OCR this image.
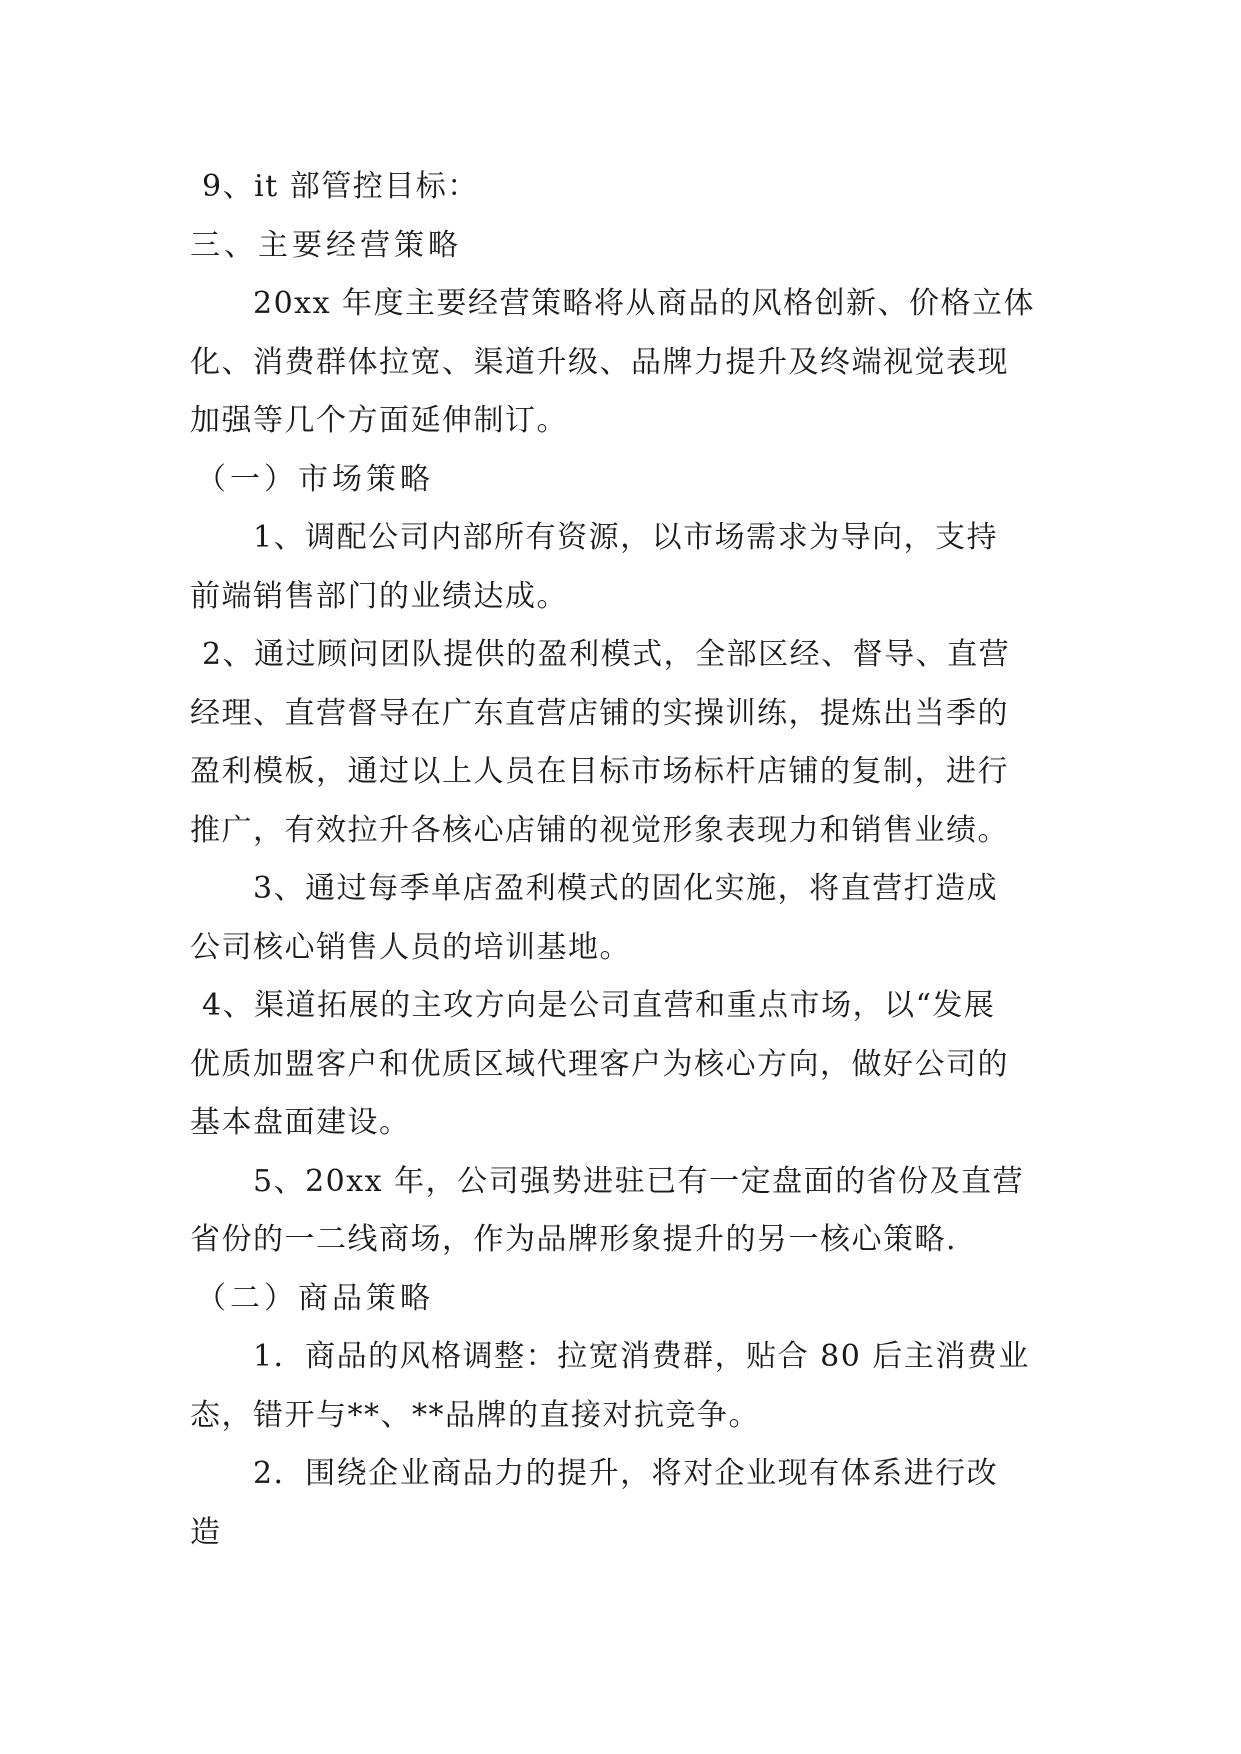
9、it 部管控目标：
三、主要经营策略
20xx 年度主要经营策略将从商品的风格创新、价格立体
化、消费群体拉宽、渠道升级、品牌力提升及终端视觉表现
加强等几个方面延伸制订。
（一）市场策略
1、调配公司内部所有资源，以市场需求为导向，支持
前端销售部门的业绩达成。
2、通过顾问团队提供的盈利模式，全部区经、督导、直营
经理、直营督导在广东直营店铺的实操训练，提炼出当季的
盈利模板，通过以上人员在目标市场标杆店铺的复制，进行
推广，有效拉升各核心店铺的视觉形象表现力和销售业绩。
3、通过每季单店盈利模式的固化实施，将直营打造成
公司核心销售人员的培训基地。
4、渠道拓展的主攻方向是公司直营和重点市场，以“发展
优质加盟客户和优质区域代理客户为核心方向，做好公司的
基本盘面建设。
5、20xx 年，公司强势进驻已有一定盘面的省份及直营
省份的一二线商场，作为品牌形象提升的另一核心策略.
（二）商品策略
1．商品的风格调整：拉宽消费群，贴合 80 后主消费业
态，错开与**、**品牌的直接对抗竞争。
2．围绕企业商品力的提升，将对企业现有体系进行改
造
